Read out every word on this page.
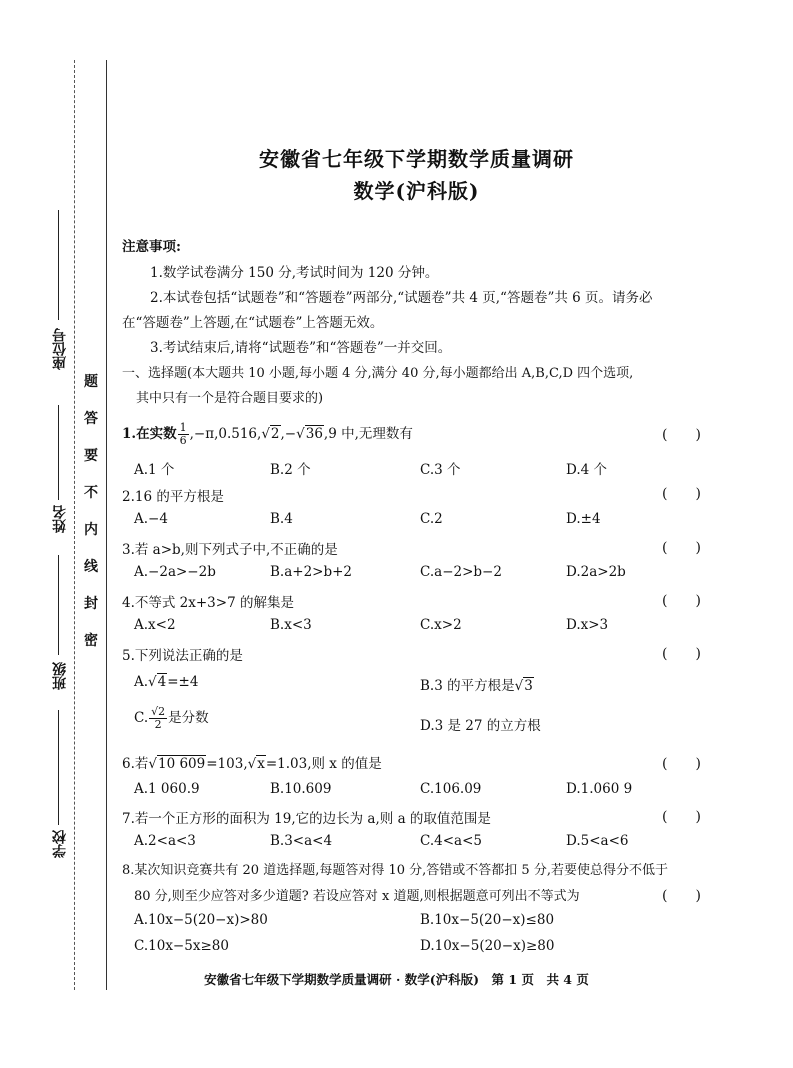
座位号
姓名
班级
学校
密
封
线
内
不
要
答
题
安徽省七年级下学期数学质量调研
数学(沪科版)
注意事项:
1.数学试卷满分 150 分,考试时间为 120 分钟。
2.本试卷包括“试题卷”和“答题卷”两部分,“试题卷”共 4 页,“答题卷”共 6 页。请务必
在“答题卷”上答题,在“试题卷”上答题无效。
3.考试结束后,请将“试题卷”和“答题卷”一并交回。
一、选择题(本大题共 10 小题,每小题 4 分,满分 40 分,每小题都给出 A,B,C,D 四个选项,
其中只有一个是符合题目要求的)
1.在实数 $\frac{1}{6} ,-\pi,0.516,√2,-√36,9$ 中,无理数有	(　　)
A.1 个	B.2 个	C.3 个	D.4 个
2.16 的平方根是	(　　)
A.−4	B.4	C.2	D.±4
3.若 a>b,则下列式子中,不正确的是	(　　)
A.−2a>−2b	B.a+2>b+2	C.a−2>b−2	D.2a>2b
4.不等式 2x+3>7 的解集是	(　　)
A.x<2	B.x<3	C.x>2	D.x>3
5.下列说法正确的是	(　　)
A.√4=±4	B.3 的平方根是√3
C. $\frac{√2}{2}$ 是分数	D.3 是 27 的立方根
6.若√10 609=103,√x=1.03,则 x 的值是	(　　)
A.1 060.9	B.10.609	C.106.09	D.1.060 9
7.若一个正方形的面积为 19,它的边长为 a,则 a 的取值范围是	(　　)
A.2<a<3	B.3<a<4	C.4<a<5	D.5<a<6
8.某次知识竞赛共有 20 道选择题,每题答对得 10 分,答错或不答都扣 5 分,若要使总得分不低于
80 分,则至少应答对多少道题? 若设应答对 x 道题,则根据题意可列出不等式为	(　　)
A.10x−5(20−x)>80	B.10x−5(20−x)≤80
C.10x−5x≥80	D.10x−5(20−x)≥80
安徽省七年级下学期数学质量调研 · 数学(沪科版)　第 1 页　共 4 页
